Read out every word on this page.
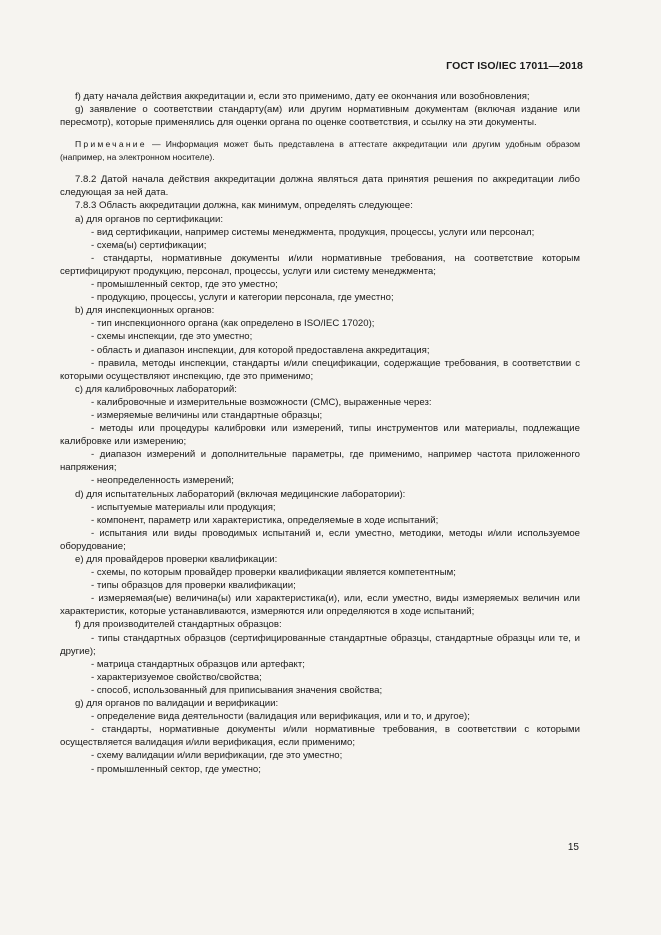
ГОСТ ISO/IEC 17011—2018

f) дату начала действия аккредитации и, если это применимо, дату ее окончания или возобновления;

g) заявление о соответствии стандарту(ам) или другим нормативным документам (включая издание или пересмотр), которые применялись для оценки органа по оценке соответствия, и ссылку на эти документы.

Примечание — Информация может быть представлена в аттестате аккредитации или другим удобным образом (например, на электронном носителе).

7.8.2 Датой начала действия аккредитации должна являться дата принятия решения по аккредитации либо следующая за ней дата.

7.8.3 Область аккредитации должна, как минимум, определять следующее:

a) для органов по сертификации:

- вид сертификации, например системы менеджмента, продукция, процессы, услуги или персонал;

- схема(ы) сертификации;

- стандарты, нормативные документы и/или нормативные требования, на соответствие которым сертифицируют продукцию, персонал, процессы, услуги или систему менеджмента;

- промышленный сектор, где это уместно;

- продукцию, процессы, услуги и категории персонала, где уместно;

b) для инспекционных органов:

- тип инспекционного органа (как определено в ISO/IEC 17020);

- схемы инспекции, где это уместно;

- область и диапазон инспекции, для которой предоставлена аккредитация;

- правила, методы инспекции, стандарты и/или спецификации, содержащие требования, в соответствии с которыми осуществляют инспекцию, где это применимо;

c) для калибровочных лабораторий:

- калибровочные и измерительные возможности (CMC), выраженные через:

- измеряемые величины или стандартные образцы;

- методы или процедуры калибровки или измерений, типы инструментов или материалы, подлежащие калибровке или измерению;

- диапазон измерений и дополнительные параметры, где применимо, например частота приложенного напряжения;

- неопределенность измерений;

d) для испытательных лабораторий (включая медицинские лаборатории):

- испытуемые материалы или продукция;

- компонент, параметр или характеристика, определяемые в ходе испытаний;

- испытания или виды проводимых испытаний и, если уместно, методики, методы и/или используемое оборудование;

e) для провайдеров проверки квалификации:

- схемы, по которым провайдер проверки квалификации является компетентным;

- типы образцов для проверки квалификации;

- измеряемая(ые) величина(ы) или характеристика(и), или, если уместно, виды измеряемых величин или характеристик, которые устанавливаются, измеряются или определяются в ходе испытаний;

f) для производителей стандартных образцов:

- типы стандартных образцов (сертифицированные стандартные образцы, стандартные образцы или те, и другие);

- матрица стандартных образцов или артефакт;

- характеризуемое свойство/свойства;

- способ, использованный для приписывания значения свойства;

g) для органов по валидации и верификации:

- определение вида деятельности (валидация или верификация, или и то, и другое);

- стандарты, нормативные документы и/или нормативные требования, в соответствии с которыми осуществляется валидация и/или верификация, если применимо;

- схему валидации и/или верификации, где это уместно;

- промышленный сектор, где уместно;

15
